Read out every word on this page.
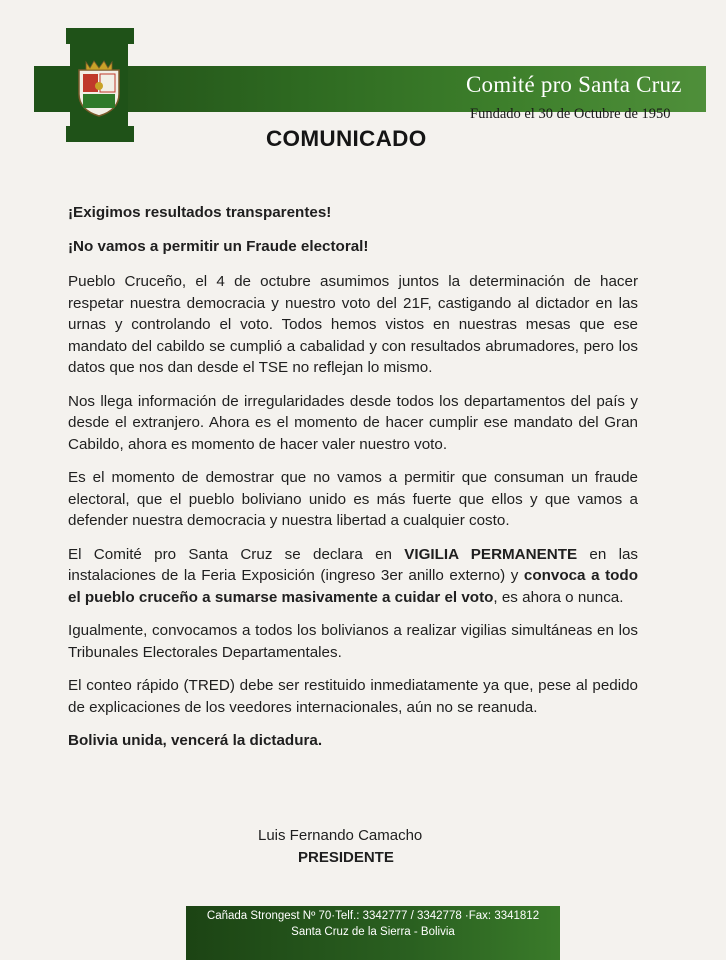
Comité pro Santa Cruz
Fundado el 30 de Octubre de 1950
COMUNICADO

¡Exigimos resultados transparentes!

¡No vamos a permitir un Fraude electoral!

Pueblo Cruceño, el 4 de octubre asumimos juntos la determinación de hacer respetar nuestra democracia y nuestro voto del 21F, castigando al dictador en las urnas y controlando el voto. Todos hemos vistos en nuestras mesas que ese mandato del cabildo se cumplió a cabalidad y con resultados abrumadores, pero los datos que nos dan desde el TSE no reflejan lo mismo.

Nos llega información de irregularidades desde todos los departamentos del país y desde el extranjero. Ahora es el momento de hacer cumplir ese mandato del Gran Cabildo, ahora es momento de hacer valer nuestro voto.

Es el momento de demostrar que no vamos a permitir que consuman un fraude electoral, que el pueblo boliviano unido es más fuerte que ellos y que vamos a defender nuestra democracia y nuestra libertad a cualquier costo.

El Comité pro Santa Cruz se declara en VIGILIA PERMANENTE en las instalaciones de la Feria Exposición (ingreso 3er anillo externo) y convoca a todo el pueblo cruceño a sumarse masivamente a cuidar el voto, es ahora o nunca.

Igualmente, convocamos a todos los bolivianos a realizar vigilias simultáneas en los Tribunales Electorales Departamentales.

El conteo rápido (TRED) debe ser restituido inmediatamente ya que, pese al pedido de explicaciones de los veedores internacionales, aún no se reanuda.

Bolivia unida, vencerá la dictadura.

Luis Fernando Camacho
PRESIDENTE
Cañada Strongest Nº 70·Telf.: 3342777 / 3342778 ·Fax: 3341812
Santa Cruz de la Sierra - Bolivia
